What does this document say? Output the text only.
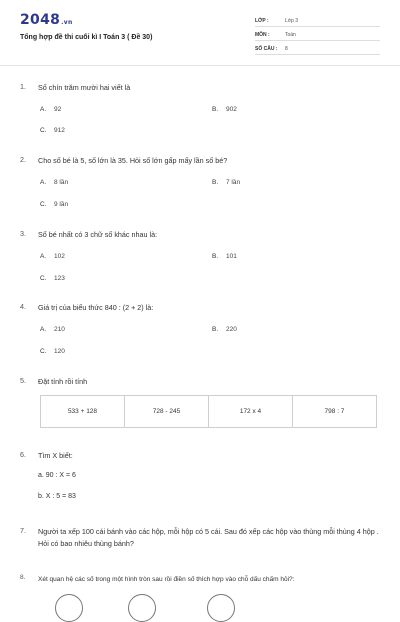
2048.vn
Tổng hợp đề thi cuối kì I Toán 3 ( Đề 30)
LỚP :	Lớp 3
MÔN :	Toán
SỐ CÂU : 8
1. Số chín trăm mười hai viết là
A. 92	B. 902
C. 912
2. Cho số bé là 5, số lớn là 35. Hỏi số lớn gấp mấy lần số bé?
A. 8 lần	B. 7 lần
C. 9 lần
3. Số bé nhất có 3 chữ số khác nhau là:
A. 102	B. 101
C. 123
4. Giá trị của biểu thức 840 : (2 + 2) là:
A. 210	B. 220
C. 120
5. Đặt tính rồi tính
533 + 128	728 - 245	172 x 4	798 : 7
6. Tìm X biết:
a. 90 : X = 6
b. X : 5 = 83
7. Người ta xếp 100 cái bánh vào các hộp, mỗi hộp có 5 cái. Sau đó xếp các hộp vào thùng mỗi thùng 4 hộp . Hỏi có bao nhiêu thùng bánh?
8. Xét quan hệ các số trong một hình tròn sau rồi điền số thích hợp vào chỗ dấu chấm hỏi?:
